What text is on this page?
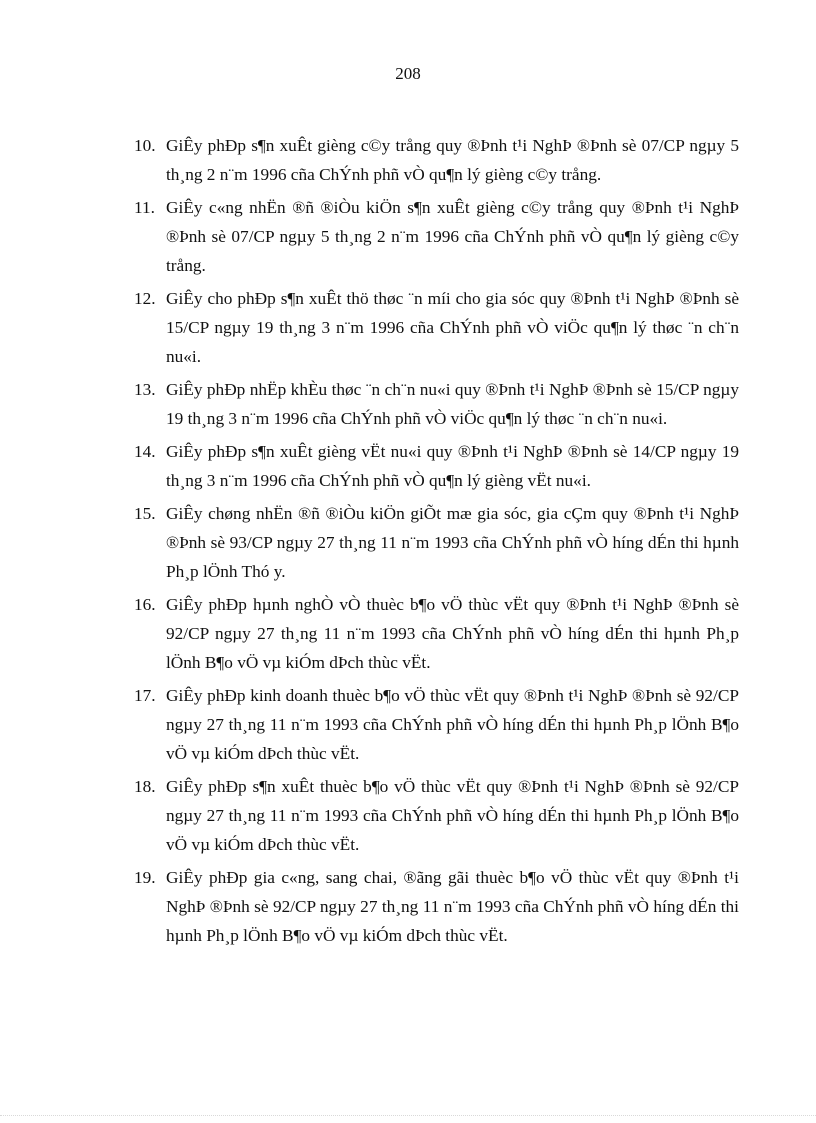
208
10. GiÊy phÐp s¶n xuÊt gièng c©y trång quy ®Þnh t¹i NghÞ ®Þnh sè 07/CP ngµy 5 th¸ng 2 n¨m 1996 cña ChÝnh phñ vÒ qu¶n lý gièng c©y trång.
11. GiÊy c«ng nhËn ®ñ ®iÒu kiÖn s¶n xuÊt gièng c©y trång quy ®Þnh t¹i NghÞ ®Þnh sè 07/CP ngµy 5 th¸ng 2 n¨m 1996 cña ChÝnh phñ vÒ qu¶n lý gièng c©y trång.
12. GiÊy cho phÐp s¶n xuÊt thö thøc ¨n míi cho gia sóc quy ®Þnh t¹i NghÞ ®Þnh sè 15/CP ngµy 19 th¸ng 3 n¨m 1996 cña ChÝnh phñ vÒ viÖc qu¶n lý thøc ¨n ch¨n nu«i.
13. GiÊy phÐp nhËp khÈu thøc ¨n ch¨n nu«i quy ®Þnh t¹i NghÞ ®Þnh sè 15/CP ngµy 19 th¸ng 3 n¨m 1996 cña ChÝnh phñ vÒ viÖc qu¶n lý thøc ¨n ch¨n nu«i.
14. GiÊy phÐp s¶n xuÊt gièng vËt nu«i quy ®Þnh t¹i NghÞ ®Þnh sè 14/CP ngµy 19 th¸ng 3 n¨m 1996 cña ChÝnh phñ vÒ qu¶n lý gièng vËt nu«i.
15. GiÊy chøng nhËn ®ñ ®iÒu kiÖn giÕt mæ gia sóc, gia cÇm quy ®Þnh t¹i NghÞ ®Þnh sè 93/CP ngµy 27 th¸ng 11 n¨m 1993 cña ChÝnh phñ vÒ híng dÉn thi hµnh Ph¸p lÖnh Thó y.
16. GiÊy phÐp hµnh nghÒ vÒ thuèc b¶o vÖ thùc vËt quy ®Þnh t¹i NghÞ ®Þnh sè 92/CP ngµy 27 th¸ng 11 n¨m 1993 cña ChÝnh phñ vÒ híng dÉn thi hµnh Ph¸p lÖnh B¶o vÖ vµ kiÓm dÞch thùc vËt.
17. GiÊy phÐp kinh doanh thuèc b¶o vÖ thùc vËt quy ®Þnh t¹i NghÞ ®Þnh sè 92/CP ngµy 27 th¸ng 11 n¨m 1993 cña ChÝnh phñ vÒ híng dÉn thi hµnh Ph¸p lÖnh B¶o vÖ vµ kiÓm dÞch thùc vËt.
18. GiÊy phÐp s¶n xuÊt thuèc b¶o vÖ thùc vËt quy ®Þnh t¹i NghÞ ®Þnh sè 92/CP ngµy 27 th¸ng 11 n¨m 1993 cña ChÝnh phñ vÒ híng dÉn thi hµnh Ph¸p lÖnh B¶o vÖ vµ kiÓm dÞch thùc vËt.
19. GiÊy phÐp gia c«ng, sang chai, ®ãng gãi thuèc b¶o vÖ thùc vËt quy ®Þnh t¹i NghÞ ®Þnh sè 92/CP ngµy 27 th¸ng 11 n¨m 1993 cña ChÝnh phñ vÒ híng dÉn thi hµnh Ph¸p lÖnh B¶o vÖ vµ kiÓm dÞch thùc vËt.
